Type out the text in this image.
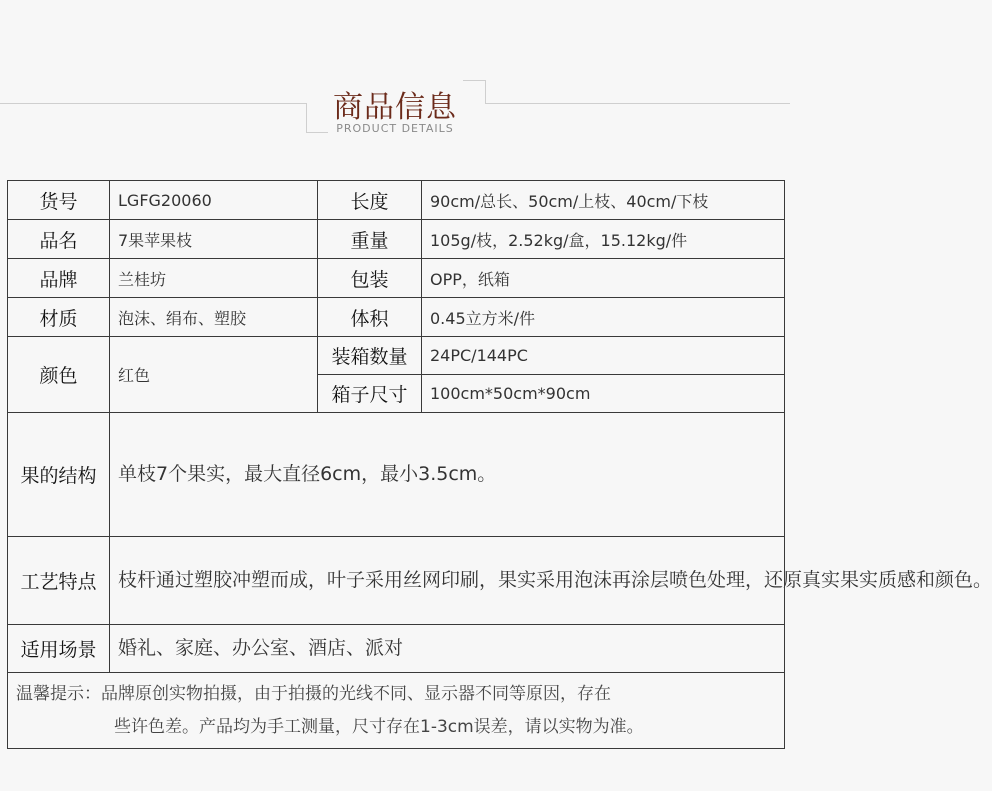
商品信息
PRODUCT DETAILS
货号	LGFG20060	长度	90cm/总长、50cm/上枝、40cm/下枝
品名	7果苹果枝	重量	105g/枝，2.52kg/盒，15.12kg/件
品牌	兰桂坊	包装	OPP，纸箱
材质	泡沫、绢布、塑胶	体积	0.45立方米/件
颜色	红色	装箱数量	24PC/144PC
		箱子尺寸	100cm*50cm*90cm
果的结构	单枝7个果实，最大直径6cm，最小3.5cm。		
工艺特点	枝杆通过塑胶冲塑而成，叶子采用丝网印刷，果实采用泡沫再涂层喷色处理，还原真实果实质感和颜色。		
适用场景	婚礼、家庭、办公室、酒店、派对		
温馨提示：品牌原创实物拍摄，由于拍摄的光线不同、显示器不同等原因，存在
些许色差。产品均为手工测量，尺寸存在1-3cm误差，请以实物为准。			
